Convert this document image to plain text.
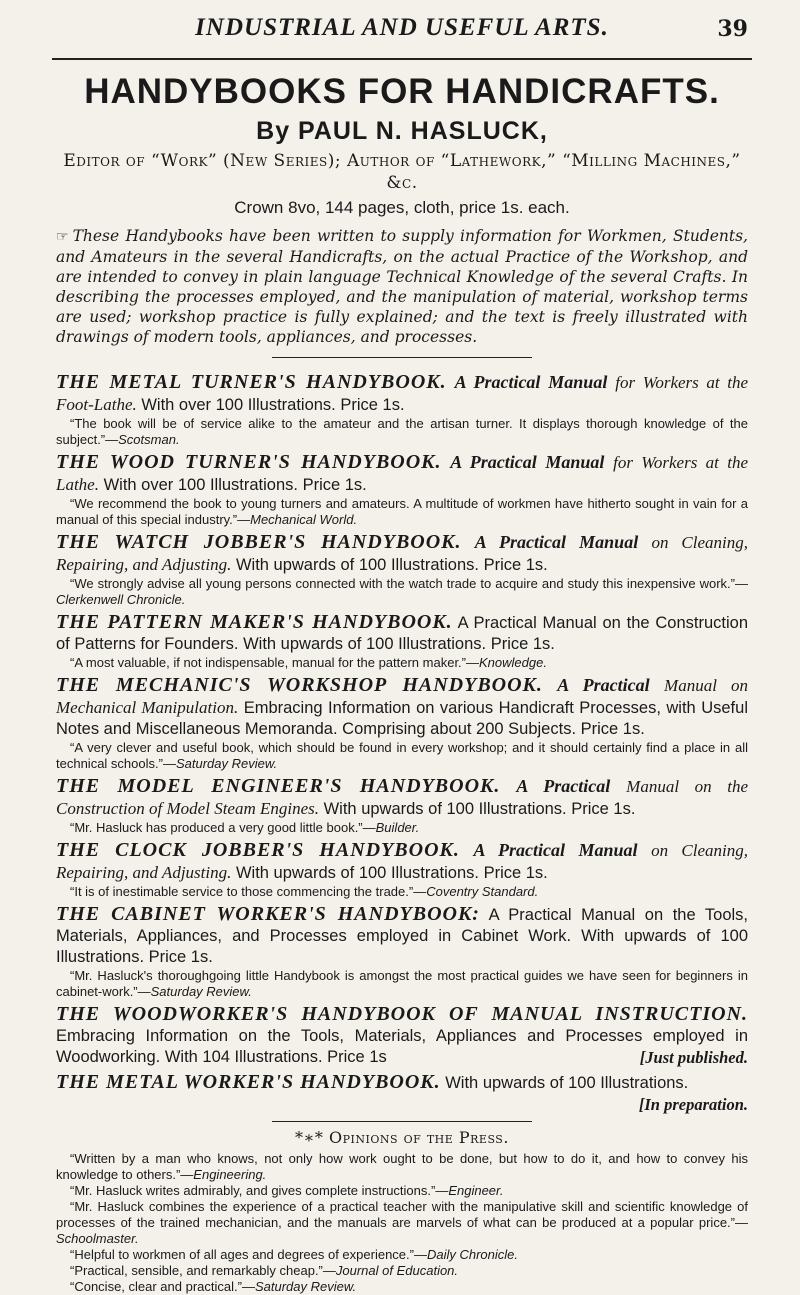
INDUSTRIAL AND USEFUL ARTS.	39
HANDYBOOKS FOR HANDICRAFTS.
By PAUL N. HASLUCK,
Editor of “Work” (New Series); Author of “Lathework,” “Milling Machines,” &c.
Crown 8vo, 144 pages, cloth, price 1s. each.
☞ These Handybooks have been written to supply information for Workmen, Students, and Amateurs in the several Handicrafts, on the actual Practice of the Workshop, and are intended to convey in plain language Technical Knowledge of the several Crafts. In describing the processes employed, and the manipulation of material, workshop terms are used; workshop practice is fully explained; and the text is freely illustrated with drawings of modern tools, appliances, and processes.
THE METAL TURNER'S HANDYBOOK. A Practical Manual for Workers at the Foot-Lathe. With over 100 Illustrations. Price 1s.
“The book will be of service alike to the amateur and the artisan turner. It displays thorough knowledge of the subject.”—Scotsman.
THE WOOD TURNER'S HANDYBOOK. A Practical Manual for Workers at the Lathe. With over 100 Illustrations. Price 1s.
“We recommend the book to young turners and amateurs. A multitude of workmen have hitherto sought in vain for a manual of this special industry.”—Mechanical World.
THE WATCH JOBBER'S HANDYBOOK. A Practical Manual on Cleaning, Repairing, and Adjusting. With upwards of 100 Illustrations. Price 1s.
“We strongly advise all young persons connected with the watch trade to acquire and study this inexpensive work.”—Clerkenwell Chronicle.
THE PATTERN MAKER'S HANDYBOOK. A Practical Manual on the Construction of Patterns for Founders. With upwards of 100 Illustrations. Price 1s.
“A most valuable, if not indispensable, manual for the pattern maker.”—Knowledge.
THE MECHANIC'S WORKSHOP HANDYBOOK. A Practical Manual on Mechanical Manipulation. Embracing Information on various Handicraft Processes, with Useful Notes and Miscellaneous Memoranda. Comprising about 200 Subjects. Price 1s.
“A very clever and useful book, which should be found in every workshop; and it should certainly find a place in all technical schools.”—Saturday Review.
THE MODEL ENGINEER'S HANDYBOOK. A Practical Manual on the Construction of Model Steam Engines. With upwards of 100 Illustrations. Price 1s.
“Mr. Hasluck has produced a very good little book.”—Builder.
THE CLOCK JOBBER'S HANDYBOOK. A Practical Manual on Cleaning, Repairing, and Adjusting. With upwards of 100 Illustrations. Price 1s.
“It is of inestimable service to those commencing the trade.”—Coventry Standard.
THE CABINET WORKER'S HANDYBOOK: A Practical Manual on the Tools, Materials, Appliances, and Processes employed in Cabinet Work. With upwards of 100 Illustrations. Price 1s.
“Mr. Hasluck's thoroughgoing little Handybook is amongst the most practical guides we have seen for beginners in cabinet-work.”—Saturday Review.
THE WOODWORKER'S HANDYBOOK OF MANUAL INSTRUCTION. Embracing Information on the Tools, Materials, Appliances and Processes employed in Woodworking. With 104 Illustrations. Price 1s	[Just published.
THE METAL WORKER'S HANDYBOOK. With upwards of 100 Illustrations.
[In preparation.
*∗* Opinions of the Press.
“Written by a man who knows, not only how work ought to be done, but how to do it, and how to convey his knowledge to others.”—Engineering.
“Mr. Hasluck writes admirably, and gives complete instructions.”—Engineer.
“Mr. Hasluck combines the experience of a practical teacher with the manipulative skill and scientific knowledge of processes of the trained mechanician, and the manuals are marvels of what can be produced at a popular price.”—Schoolmaster.
“Helpful to workmen of all ages and degrees of experience.”—Daily Chronicle.
“Practical, sensible, and remarkably cheap.”—Journal of Education.
“Concise, clear and practical.”—Saturday Review.
